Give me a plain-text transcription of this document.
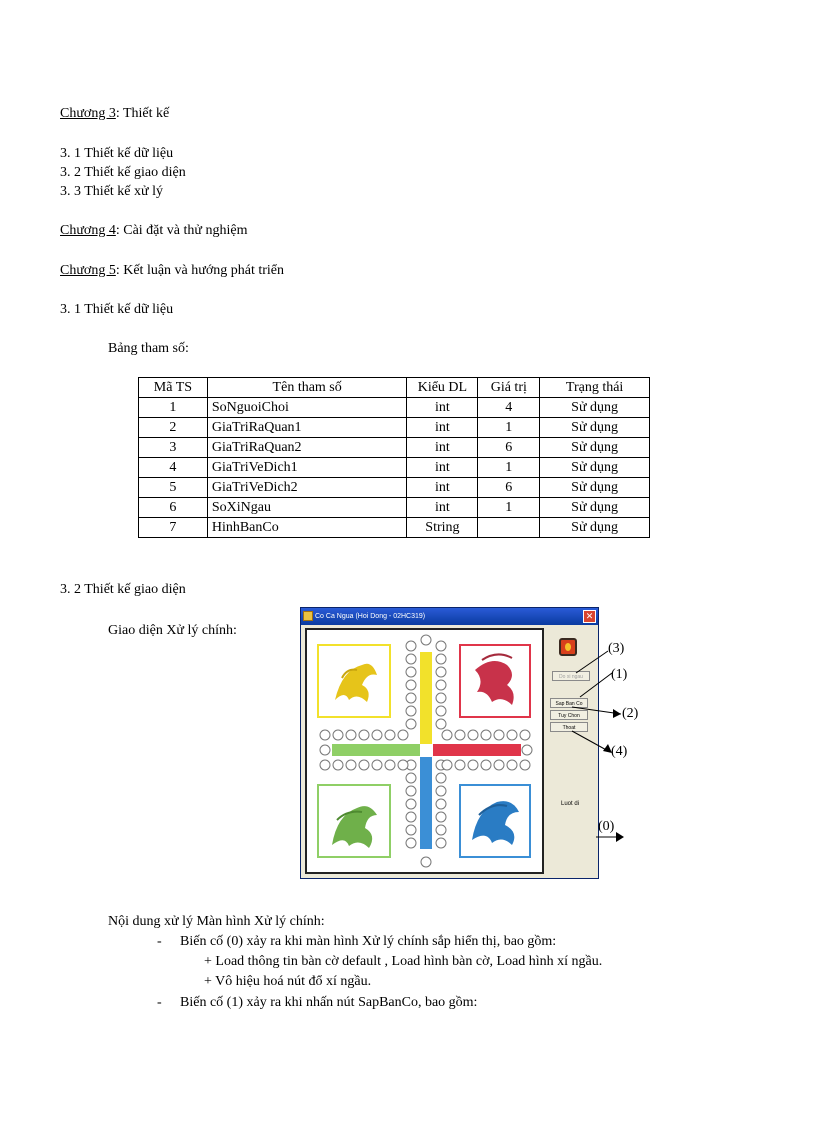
Chương 3: Thiết kế
3. 1 Thiết kế dữ liệu
3. 2 Thiết kế giao diện
3. 3 Thiết kế xử lý
Chương 4: Cài đặt và thử nghiệm
Chương 5: Kết luận và hướng phát triển
3. 1 Thiết kế dữ liệu
Bảng tham số:
Mã TS	Tên tham số	Kiểu DL	Giá trị	Trạng thái
1	SoNguoiChoi	int	4	Sử dụng
2	GiaTriRaQuan1	int	1	Sử dụng
3	GiaTriRaQuan2	int	6	Sử dụng
4	GiaTriVeDich1	int	1	Sử dụng
5	GiaTriVeDich2	int	6	Sử dụng
6	SoXiNgau	int	1	Sử dụng
7	HinhBanCo	String		Sử dụng
3. 2 Thiết kế giao diện
Giao diện Xử lý chính:
Co Ca Ngua (Hoi Dong - 02HC319)	✕
Do xi ngau
Sap Ban Co
Tuy Chon
Thoat
Luot di
(3)
(1)
(2)
(4)
(0)
Nội dung xử lý Màn hình Xử lý chính:
- Biến cố (0) xảy ra khi màn hình Xử lý chính sắp hiển thị, bao gồm:
+ Load thông tin bàn cờ default , Load hình bàn cờ, Load hình xí ngầu.
+ Vô hiệu hoá nút đổ xí ngầu.
- Biến cố (1) xảy ra khi nhấn nút SapBanCo, bao gồm:
